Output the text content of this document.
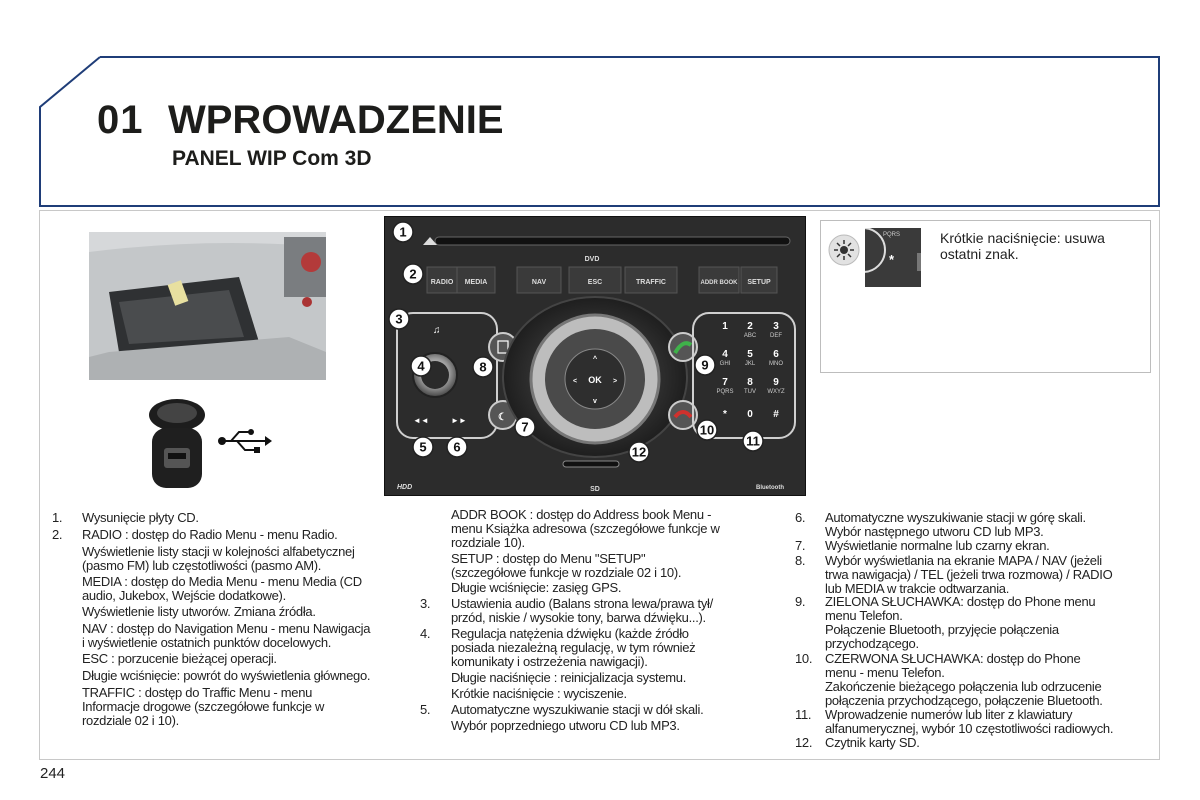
01 WPROWADZENIE
PANEL WIP Com 3D
DVD
RADIO MEDIA	NAV	ESC	TRAFFIC	ADDR BOOK SETUP
♫
◄◄	►►	☾
OK
^
v
<	>
1 2
ABC
3
DEF
4
GHI
5
JKL
6
MNO
7
PQRS
8
TUV
9
WXYZ
* 0 #
HDD	SD	Bluetooth
1
2
3
4
5 6
7
8	9
10
11
12
*
PQRS	Krótkie naciśnięcie: usuwa ostatni znak.
1. Wysunięcie płyty CD.
2. RADIO : dostęp do Radio Menu - menu Radio.
Wyświetlenie listy stacji w kolejności alfabetycznej
(pasmo FM) lub częstotliwości (pasmo AM).
MEDIA : dostęp do Media Menu - menu Media (CD
audio, Jukebox, Wejście dodatkowe).
Wyświetlenie listy utworów. Zmiana źródła.
NAV : dostęp do Navigation Menu - menu Nawigacja
i wyświetlenie ostatnich punktów docelowych.
ESC : porzucenie bieżącej operacji.
Długie wciśnięcie: powrót do wyświetlenia głównego.
TRAFFIC : dostęp do Traffic Menu - menu
Informacje drogowe (szczegółowe funkcje w
rozdziale 02 i 10).
ADDR BOOK : dostęp do Address book Menu -
menu Książka adresowa (szczegółowe funkcje w
rozdziale 10).
SETUP : dostęp do Menu "SETUP"
(szczegółowe funkcje w rozdziale 02 i 10).
Długie wciśnięcie: zasięg GPS.
3. Ustawienia audio (Balans strona lewa/prawa tył/
przód, niskie / wysokie tony, barwa dźwięku...).
4. Regulacja natężenia dźwięku (każde źródło
posiada niezależną regulację, w tym również
komunikaty i ostrzeżenia nawigacji).
Długie naciśnięcie : reinicjalizacja systemu.
Krótkie naciśnięcie : wyciszenie.
5. Automatyczne wyszukiwanie stacji w dół skali.
Wybór poprzedniego utworu CD lub MP3.
6. Automatyczne wyszukiwanie stacji w górę skali.
Wybór następnego utworu CD lub MP3.
7. Wyświetlanie normalne lub czarny ekran.
8. Wybór wyświetlania na ekranie MAPA / NAV (jeżeli
trwa nawigacja) / TEL (jeżeli trwa rozmowa) / RADIO
lub MEDIA w trakcie odtwarzania.
9. ZIELONA SŁUCHAWKA: dostęp do Phone menu
menu Telefon.
Połączenie Bluetooth, przyjęcie połączenia
przychodzącego.
10. CZERWONA SŁUCHAWKA: dostęp do Phone
menu - menu Telefon.
Zakończenie bieżącego połączenia lub odrzucenie
połączenia przychodzącego, połączenie Bluetooth.
11. Wprowadzenie numerów lub liter z klawiatury
alfanumerycznej, wybór 10 częstotliwości radiowych.
12. Czytnik karty SD.
244
